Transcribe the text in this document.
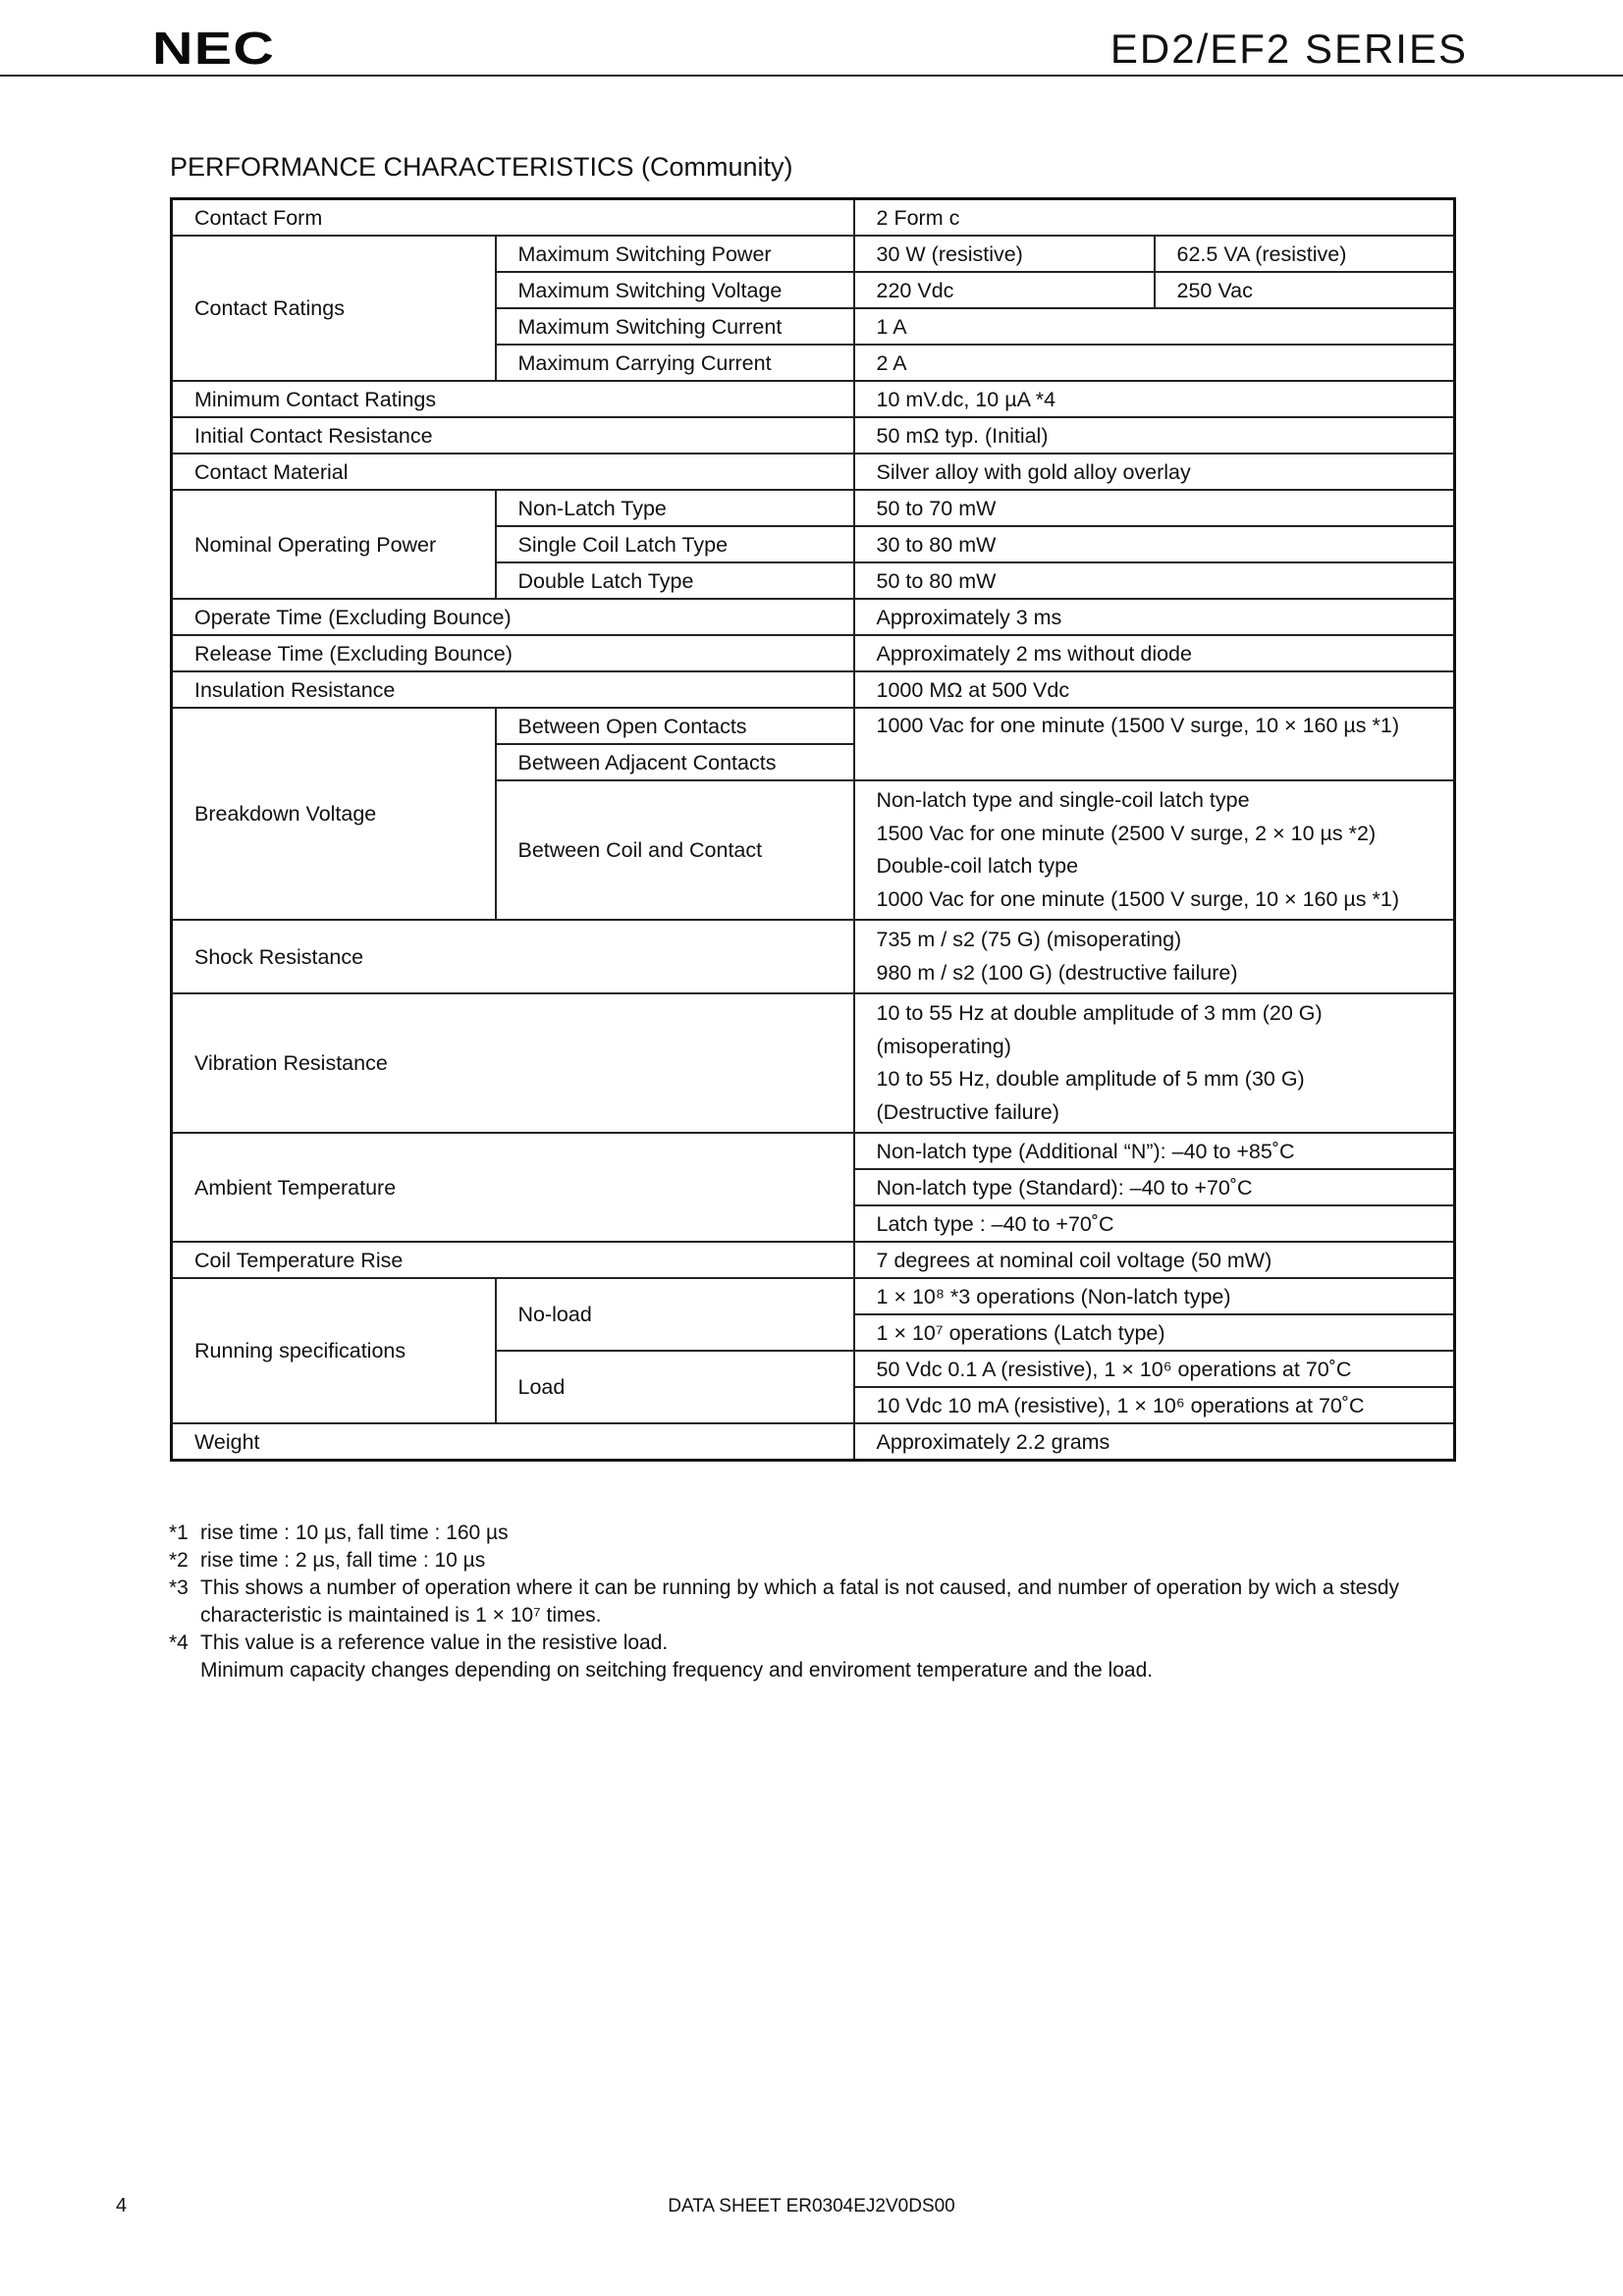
NEC	ED2/EF2 SERIES
PERFORMANCE CHARACTERISTICS (Community)
Contact Form		2 Form c	
Contact Ratings	Maximum Switching Power	30 W (resistive)	62.5 VA (resistive)
	Maximum Switching Voltage	220 Vdc	250 Vac
	Maximum Switching Current	1 A	
	Maximum Carrying Current	2 A	
Minimum Contact Ratings		10 mV.dc, 10 µA *4	
Initial Contact Resistance		50 mΩ typ. (Initial)	
Contact Material		Silver alloy with gold alloy overlay	
Nominal Operating Power	Non-Latch Type	50 to 70 mW	
	Single Coil Latch Type	30 to 80 mW	
	Double Latch Type	50 to 80 mW	
Operate Time (Excluding Bounce)		Approximately 3 ms	
Release Time (Excluding Bounce)		Approximately 2 ms without diode	
Insulation Resistance		1000 MΩ at 500 Vdc	
Breakdown Voltage	Between Open Contacts	1000 Vac for one minute (1500 V surge, 10 × 160 µs *1)	
	Between Adjacent Contacts		
	Between Coil and Contact	Non-latch type and single-coil latch type
1500 Vac for one minute (2500 V surge, 2 × 10 µs *2)
Double-coil latch type
1000 Vac for one minute (1500 V surge, 10 × 160 µs *1)	

Shock Resistance		735 m / s2 (75 G) (misoperating)
980 m / s2 (100 G) (destructive failure)	

Vibration Resistance		10 to 55 Hz at double amplitude of 3 mm (20 G)
(misoperating)
10 to 55 Hz, double amplitude of 5 mm (30 G)
(Destructive failure)	

Ambient Temperature		Non-latch type (Additional “N”): –40 to +85˚C	
		Non-latch type (Standard): –40 to +70˚C	
		Latch type : –40 to +70˚C	
Coil Temperature Rise		7 degrees at nominal coil voltage (50 mW)	
Running specifications	No-load	1 × 10⁸ *3 operations (Non-latch type)	
		1 × 10⁷ operations (Latch type)	
	Load	50 Vdc 0.1 A (resistive), 1 × 10⁶ operations at 70˚C	
		10 Vdc 10 mA (resistive), 1 × 10⁶ operations at 70˚C	
Weight		Approximately 2.2 grams	
*1 rise time : 10 µs, fall time : 160 µs
*2 rise time : 2 µs, fall time : 10 µs
*3 This shows a number of operation where it can be running by which a fatal is not caused, and number of operation by wich a stesdy characteristic is maintained is 1 × 10⁷ times.
*4 This value is a reference value in the resistive load.
Minimum capacity changes depending on seitching frequency and enviroment temperature and the load.
4	DATA SHEET ER0304EJ2V0DS00
